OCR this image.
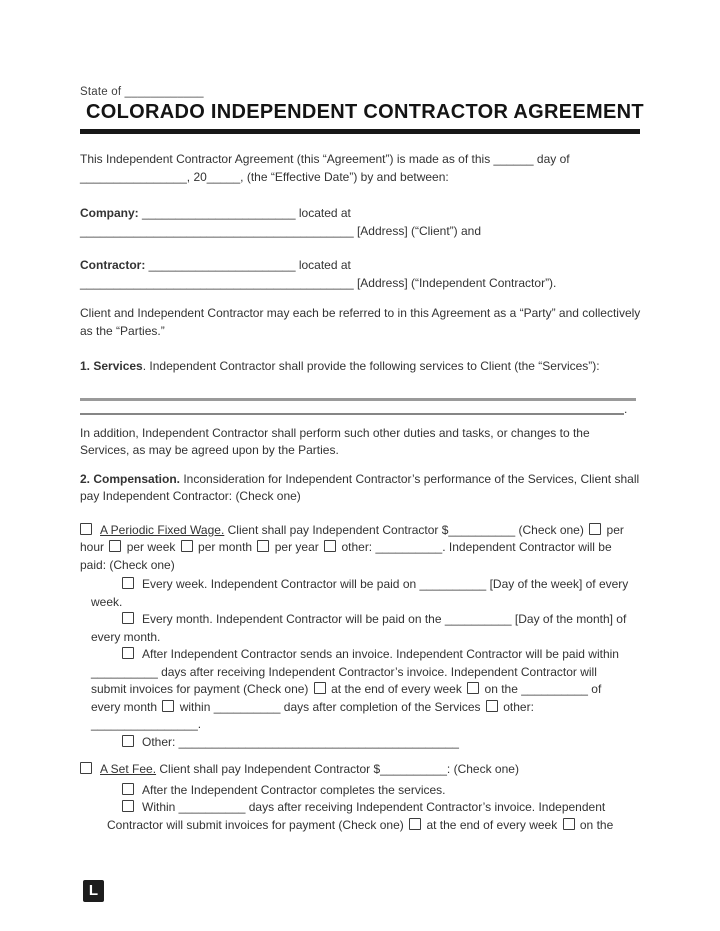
State of ____________
COLORADO INDEPENDENT CONTRACTOR AGREEMENT
This Independent Contractor Agreement (this “Agreement”) is made as of this ______ day of
________________, 20_____, (the “Effective Date”) by and between:
Company: _______________________ located at
_________________________________________ [Address] (“Client”) and
Contractor: ______________________ located at
_________________________________________ [Address] (“Independent Contractor”).
Client and Independent Contractor may each be referred to in this Agreement as a “Party” and collectively
as the “Parties.”
1. Services. Independent Contractor shall provide the following services to Client (the “Services”):
.
In addition, Independent Contractor shall perform such other duties and tasks, or changes to the
Services, as may be agreed upon by the Parties.
2. Compensation. Inconsideration for Independent Contractor’s performance of the Services, Client shall
pay Independent Contractor: (Check one)
A Periodic Fixed Wage. Client shall pay Independent Contractor $__________ (Check one)  per
hour  per week  per month  per year  other: __________. Independent Contractor will be
paid: (Check one)
Every week. Independent Contractor will be paid on __________ [Day of the week] of every
week.
Every month. Independent Contractor will be paid on the __________ [Day of the month] of
every month.
After Independent Contractor sends an invoice. Independent Contractor will be paid within
__________ days after receiving Independent Contractor’s invoice. Independent Contractor will
submit invoices for payment (Check one)  at the end of every week  on the __________ of
every month  within __________ days after completion of the Services  other:
________________.
Other: __________________________________________
A Set Fee. Client shall pay Independent Contractor $__________: (Check one)
After the Independent Contractor completes the services.
Within __________ days after receiving Independent Contractor’s invoice. Independent
Contractor will submit invoices for payment (Check one)  at the end of every week  on the
L
